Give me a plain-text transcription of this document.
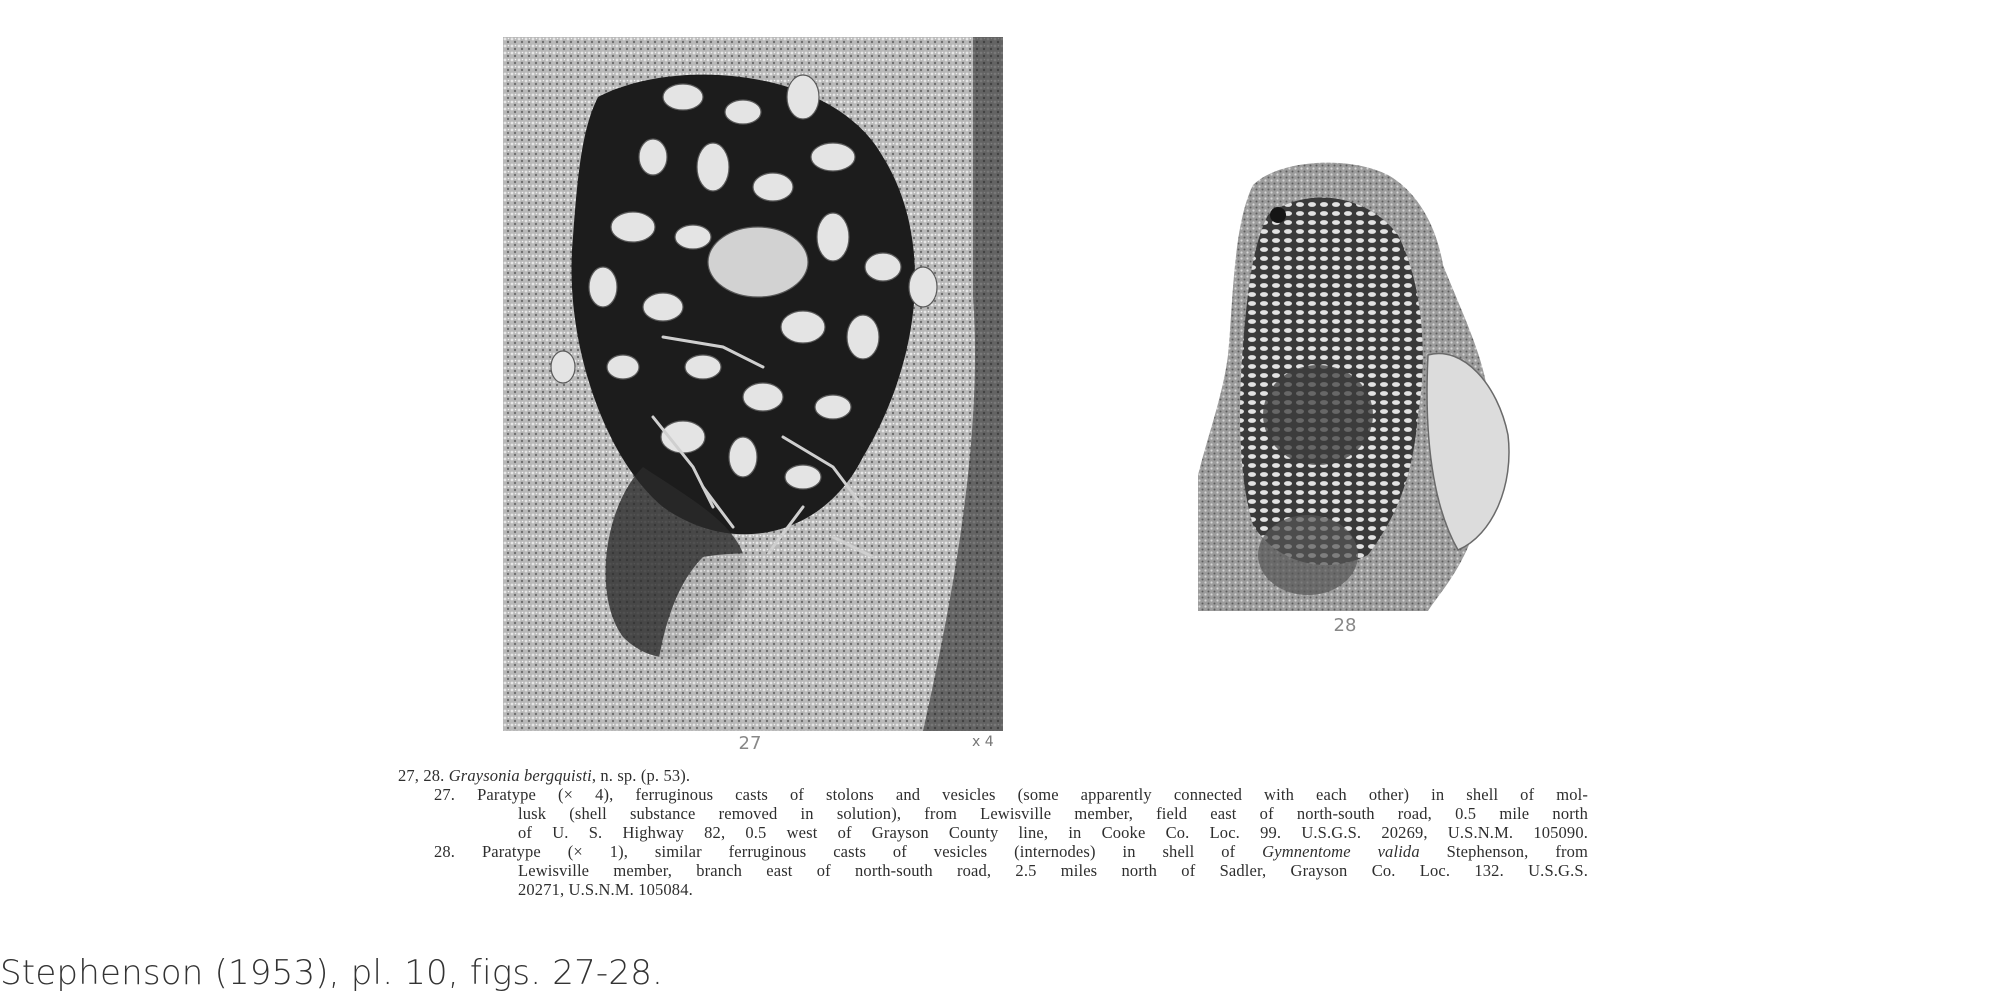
27	x 4
28
27, 28. Graysonia bergquisti, n. sp. (p. 53).
27. Paratype (× 4), ferruginous casts of stolons and vesicles (some apparently connected with each other) in shell of mol-
lusk (shell substance removed in solution), from Lewisville member, field east of north-south road, 0.5 mile north
of U. S. Highway 82, 0.5 west of Grayson County line, in Cooke Co. Loc. 99. U.S.G.S. 20269, U.S.N.M. 105090.
28. Paratype (× 1), similar ferruginous casts of vesicles (internodes) in shell of Gymnentome valida Stephenson, from
Lewisville member, branch east of north-south road, 2.5 miles north of Sadler, Grayson Co. Loc. 132. U.S.G.S.
20271, U.S.N.M. 105084.
Stephenson (1953), pl. 10, figs. 27-28.
